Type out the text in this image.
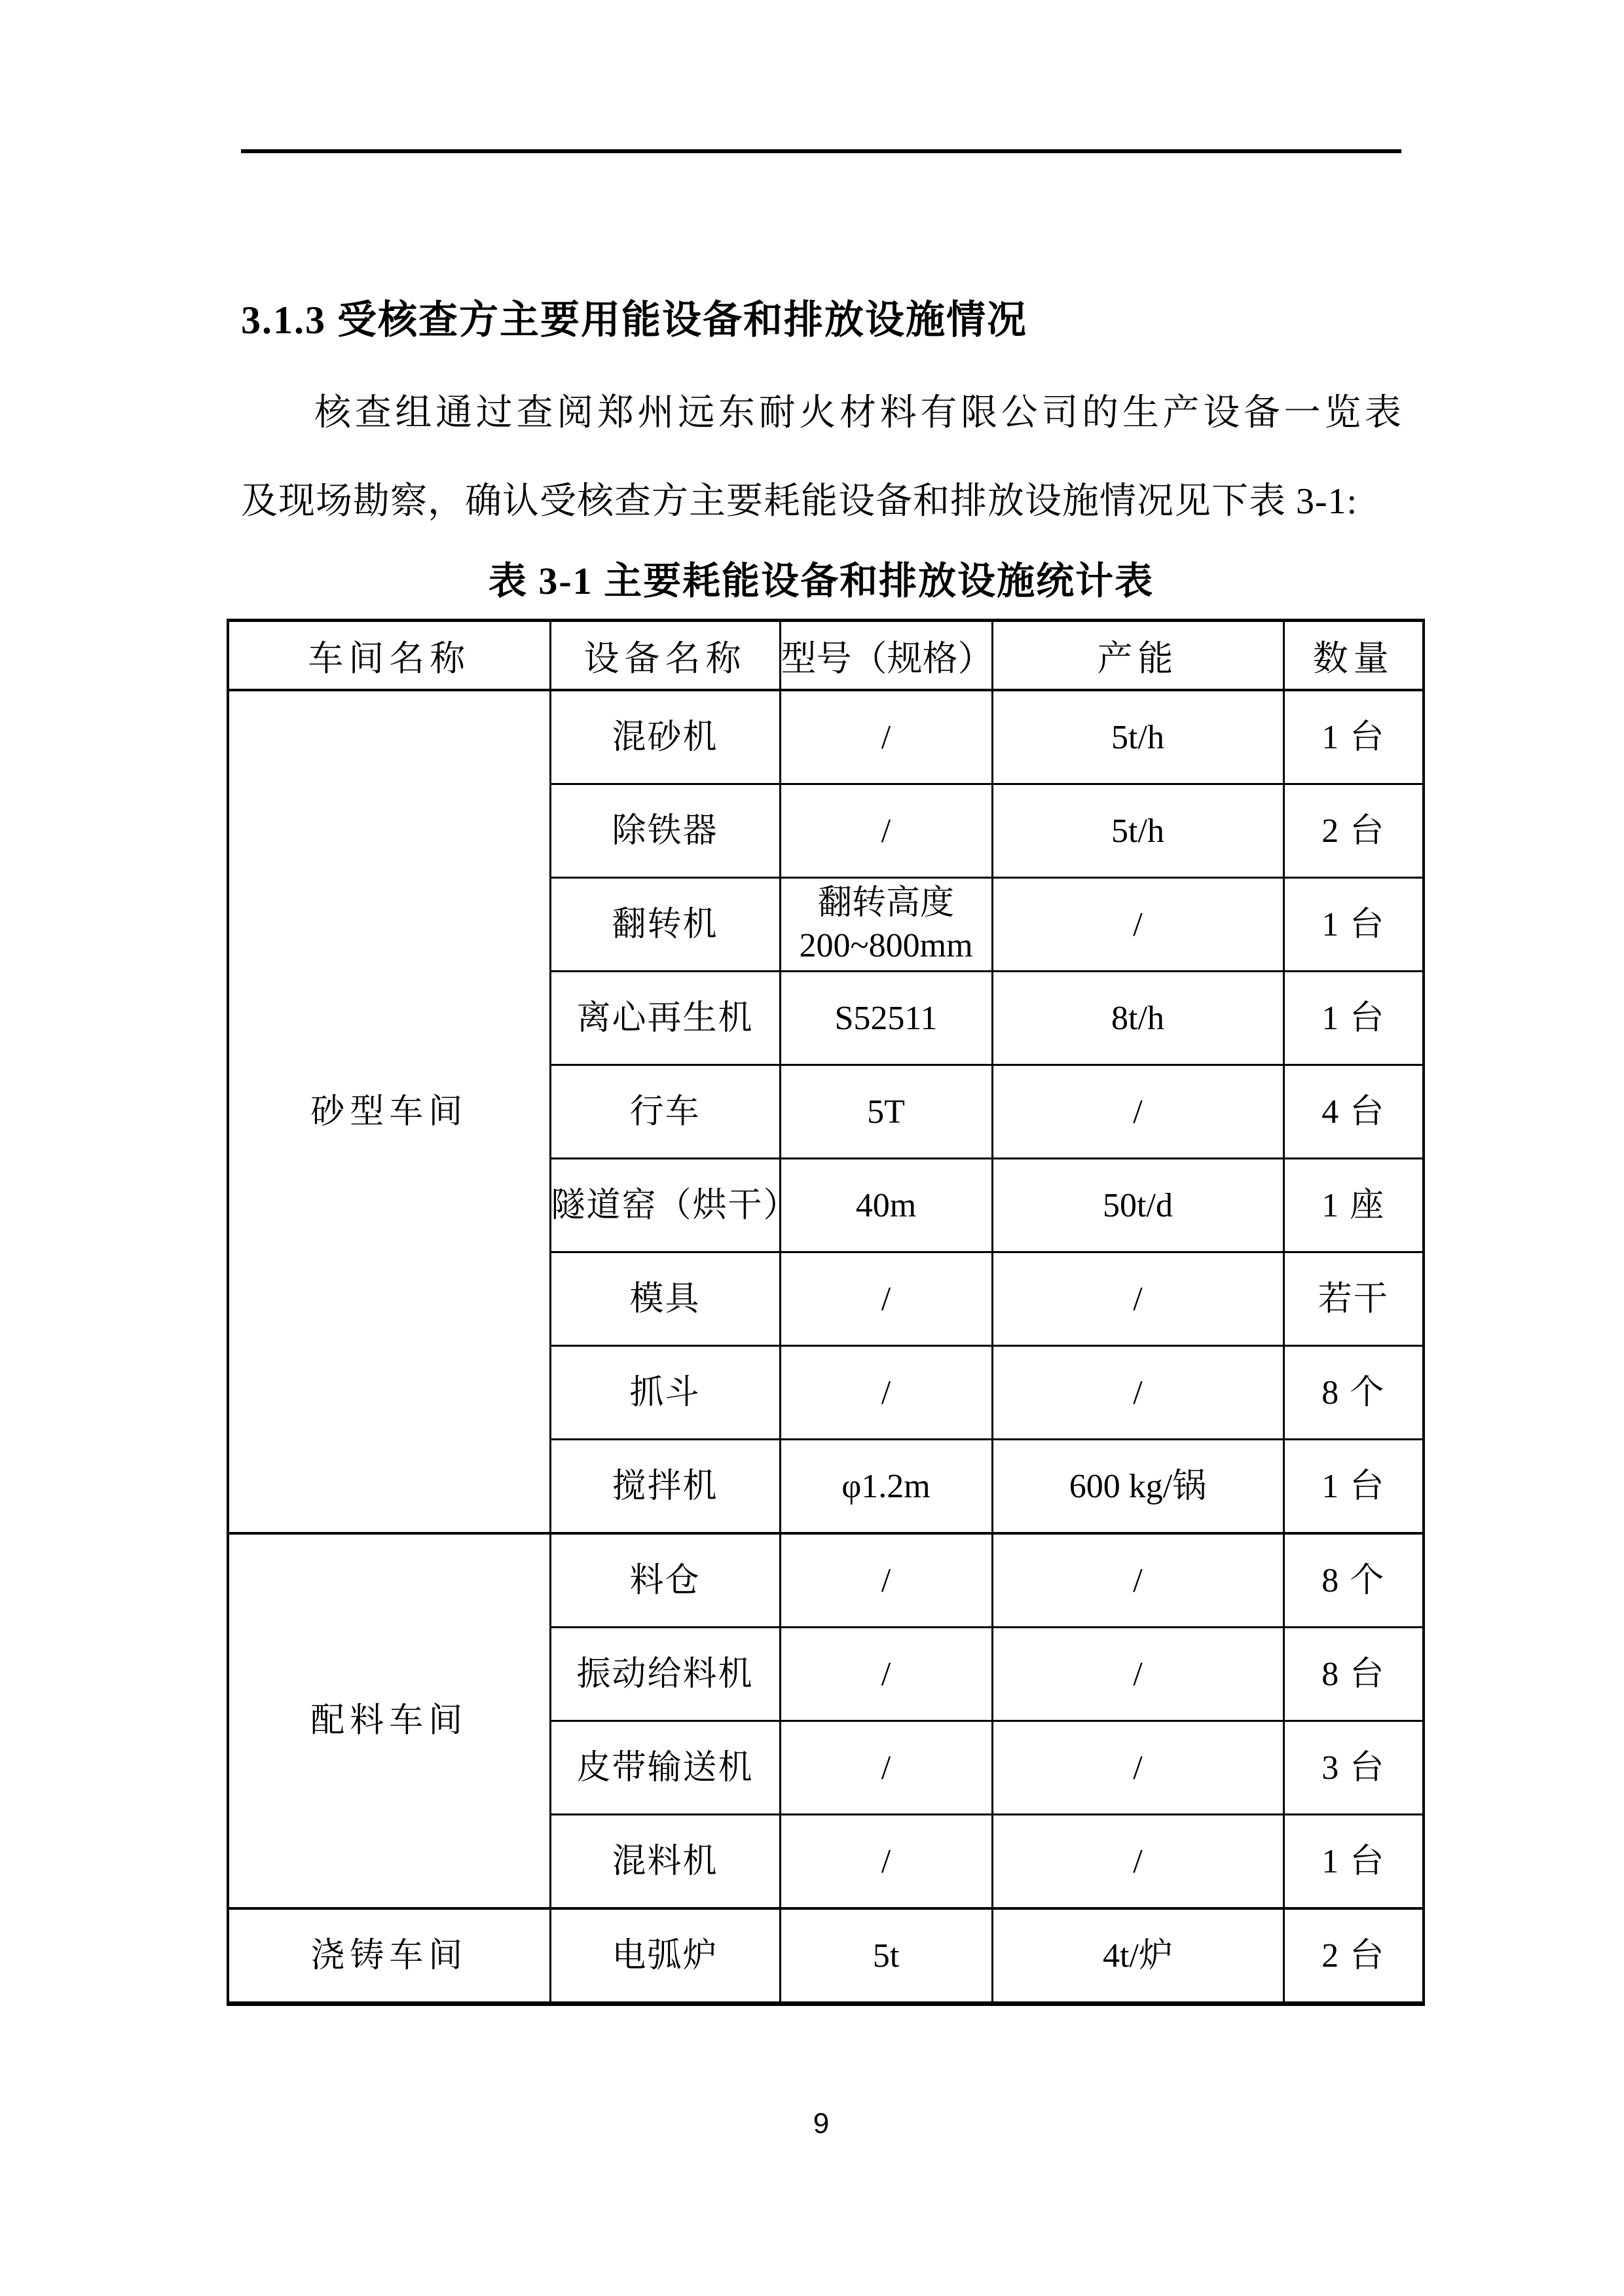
3.1.3 受核查方主要用能设备和排放设施情况
核查组通过查阅郑州远东耐火材料有限公司的生产设备一览表
及现场勘察，确认受核查方主要耗能设备和排放设施情况见下表 3-1:
表 3-1 主要耗能设备和排放设施统计表
车间名称	设备名称	型号（规格）	产能	数量
砂型车间	混砂机	/	5t/h	1 台
	除铁器	/	5t/h	2 台
	翻转机	翻转高度200~800mm	/	1 台
	离心再生机	S52511	8t/h	1 台
	行车	5T	/	4 台
	隧道窑（烘干）	40m	50t/d	1 座
	模具	/	/	若干
	抓斗	/	/	8 个
	搅拌机	φ1.2m	600 kg/锅	1 台
配料车间	料仓	/	/	8 个
	振动给料机	/	/	8 台
	皮带输送机	/	/	3 台
	混料机	/	/	1 台
浇铸车间	电弧炉	5t	4t/炉	2 台
9
